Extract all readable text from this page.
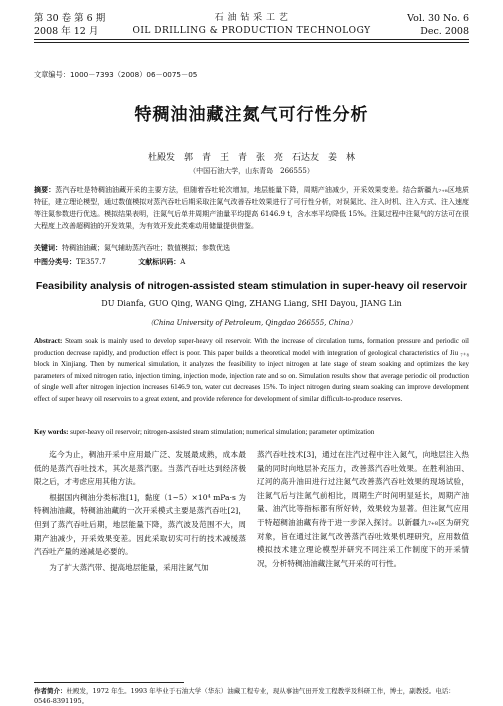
第 30 卷 第 6 期
2008 年 12 月
石 油 钻 采 工 艺
OIL DRILLING & PRODUCTION TECHNOLOGY
Vol. 30 No. 6
Dec. 2008
文章编号：1000－7393（2008）06－0075－05
特稠油油藏注氮气可行性分析
杜殿发　郭　青　王　青　张　亮　石达友　姜　林
（中国石油大学，山东青岛　266555）
摘要：蒸汽吞吐是特稠油油藏开采的主要方法，但随着吞吐轮次增加，地层能量下降，周期产油减少，开采效果变差。结合新疆九₇₊₈区地质特征，建立理论模型，通过数值模拟对蒸汽吞吐后期采取注氮气改善吞吐效果进行了可行性分析，对误氮比、注入时机、注入方式、注入速度等注氮参数进行优选。模拟结果表明，注氮气后单井周期产油量平均提高 6146.9 t，含水率平均降低 15%。注氮过程中注氮气的方法可在很大程度上改善超稠油的开发效果，为有效开发此类难动用储量提供借鉴。
关键词：特稠油油藏；氮气辅助蒸汽吞吐；数值模拟；参数优选
中图分类号：TE357.7	文献标识码：A
Feasibility analysis of nitrogen-assisted steam stimulation in super-heavy oil reservoir
DU Dianfa, GUO Qing, WANG Qing, ZHANG Liang, SHI Dayou, JIANG Lin
（China University of Petroleum, Qingdao 266555, China）
Abstract: Steam soak is mainly used to develop super-heavy oil reservoir. With the increase of circulation turns, formation pressure and periodic oil production decrease rapidly, and production effect is poor. This paper builds a theoretical model with integration of geological characteristics of Jiu ₇₊₈ block in Xinjiang. Then by numerical simulation, it analyzes the feasibility to inject nitrogen at late stage of steam soaking and optimizes the key parameters of mixed nitrogen ratio, injection timing, injection mode, injection rate and so on. Simulation results show that average periodic oil production of single well after nitrogen injection increases 6146.9 ton, water cut decreases 15%. To inject nitrogen during steam soaking can improve development effect of super heavy oil reservoirs to a great extent, and provide reference for development of similar difficult-to-produce reserves.
Key words: super-heavy oil reservoir; nitrogen-assisted steam stimulation; numerical simulation; parameter optimization

迄今为止，稠油开采中应用最广泛、发展最成熟，成本最低的是蒸汽吞吐技术，其次是蒸汽驱。当蒸汽吞吐达到经济极限之后，才考虑应用其他方法。

根据国内稠油分类标准[1]，黏度（1~5）×10⁴ mPa·s 为特稠油油藏，特稠油油藏的一次开采模式主要是蒸汽吞吐[2]，但到了蒸汽吞吐后期，地层能量下降，蒸汽波及范围不大，周期产油减少，开采效果变差。因此采取切实可行的技术减缓蒸汽吞吐产量的递减是必要的。

为了扩大蒸汽带、提高地层能量，采用注氮气加

蒸汽吞吐技术[3]，通过在注汽过程中注入氮气，向地层注入热量的同时向地层补充压力，改善蒸汽吞吐效果。在胜利油田、辽河的高升油田进行过注氮气改善蒸汽吞吐效果的现场试验，注氮气后与注氮气前相比，周期生产时间明显延长，周期产油量、油汽比等指标都有所好转，效果较为显著。但注氮气应用于特超稠油油藏有待于进一步深入探讨。以新疆九₇₊₈区为研究对象，旨在通过注氮气改善蒸汽吞吐效果机理研究，应用数值模拟技术建立理论模型并研究不同注采工作制度下的开采情况，分析特稠油油藏注氮气开采的可行性。

作者简介：杜殿发，1972 年生。1993 年毕业于石油大学（华东）油藏工程专业，现从事油气田开发工程教学及科研工作，博士，副教授。电话：0546-8391195。
